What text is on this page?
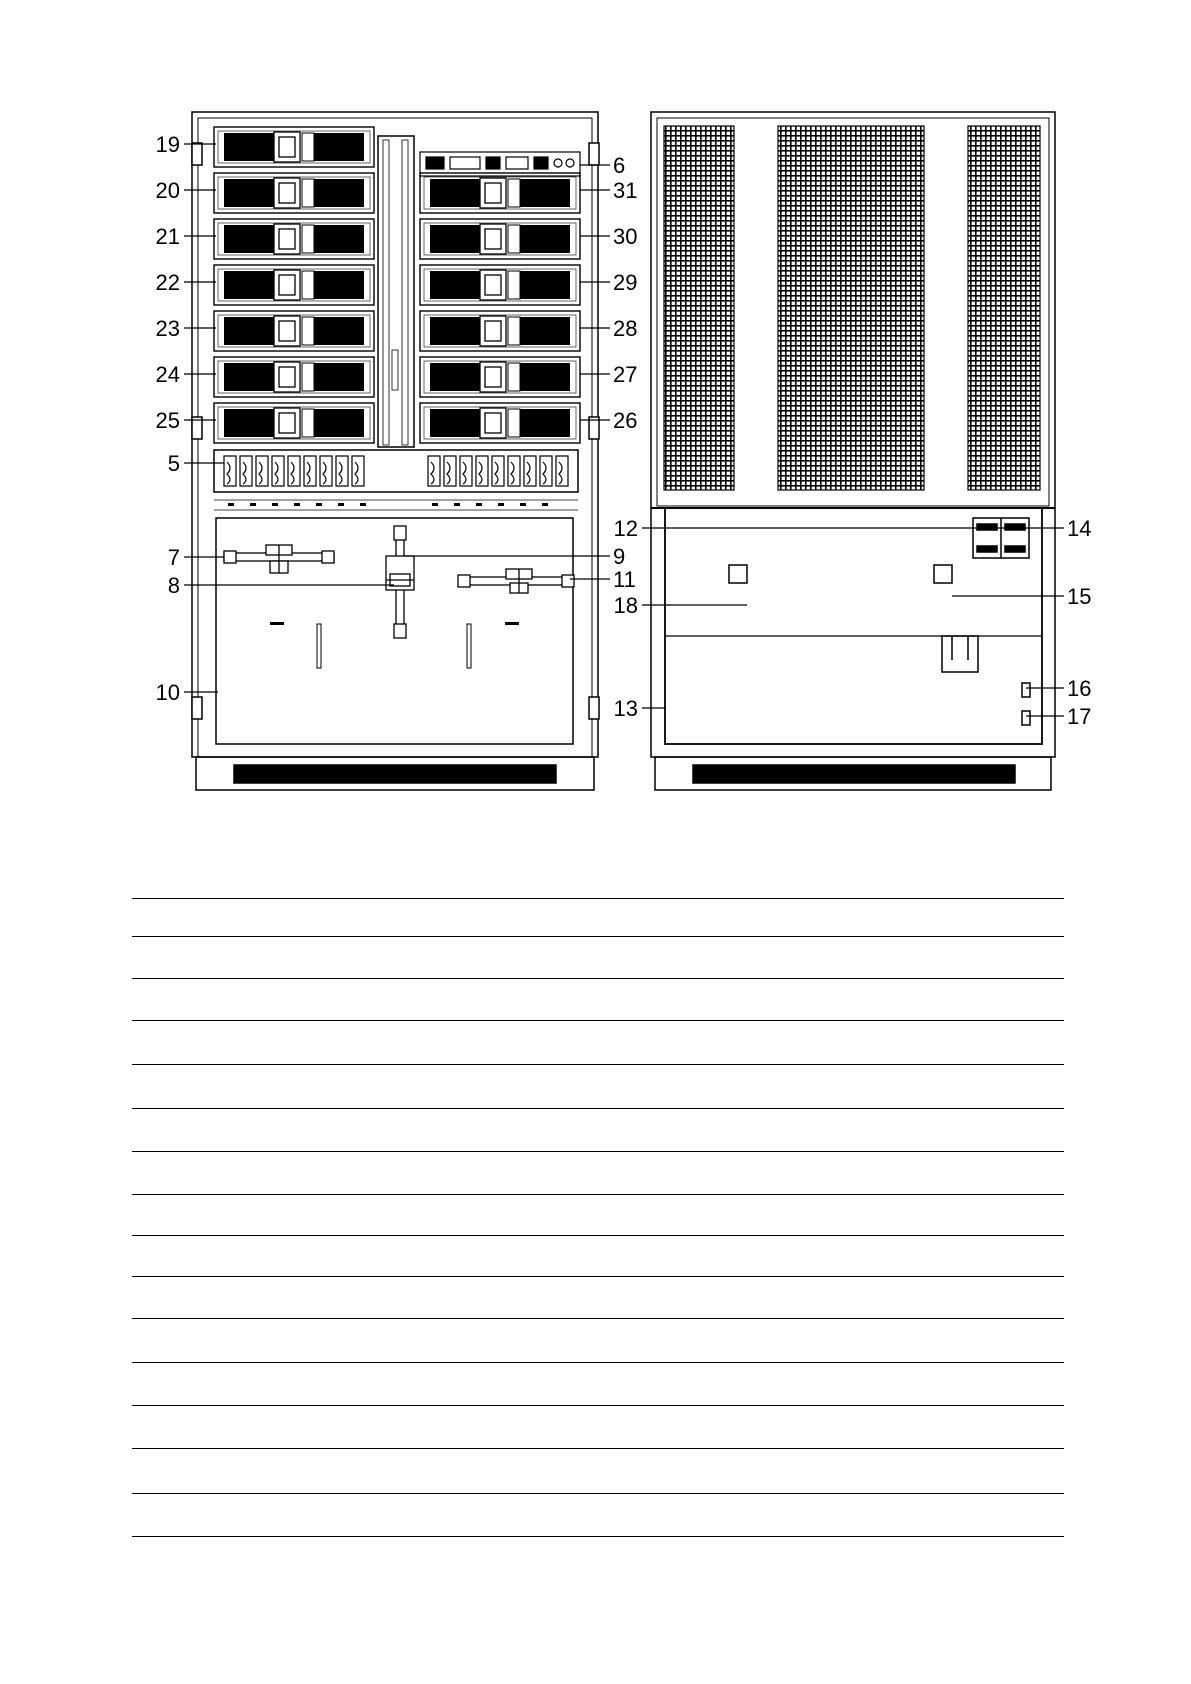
19
20
21
22
23
24
25
6
31
30
29
28
27
26
5
7
8
9
10
11
12
13
14
15
16
17
18
